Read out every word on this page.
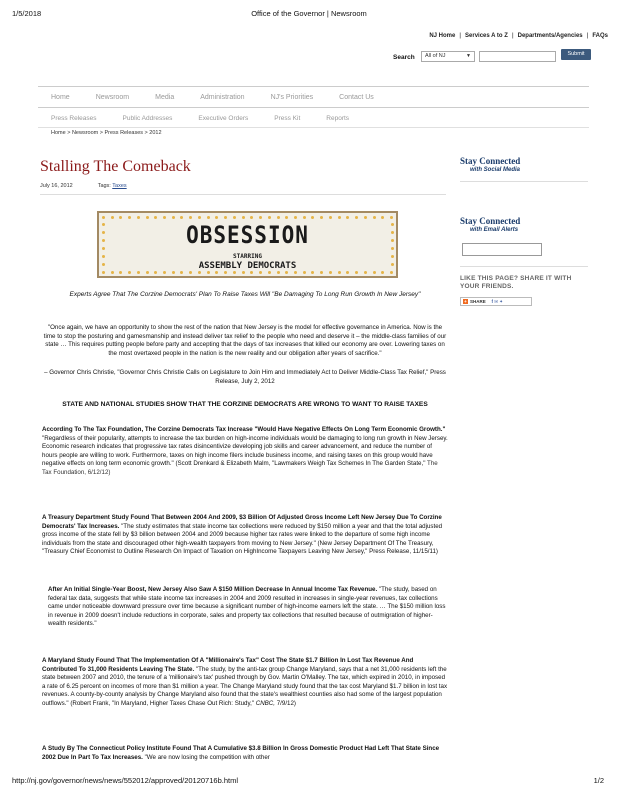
1/5/2018	Office of the Governor | Newsroom
NJ Home | Services A to Z | Departments/Agencies | FAQs
Search	All of NJ	▼	Submit
Home	Newsroom	Media	Administration	NJ's Priorities	Contact Us
Press Releases	Public Addresses	Executive Orders	Press Kit	Reports
Home > Newsroom > Press Releases > 2012
Stalling The Comeback
July 16, 2012	Tags: Taxes
OBSESSION
STARRING
ASSEMBLY DEMOCRATS
Experts Agree That The Corzine Democrats' Plan To Raise Taxes Will "Be Damaging To Long Run Growth In New Jersey"
"Once again, we have an opportunity to show the rest of the nation that New Jersey is the model for effective governance in America. Now is the time to stop the posturing and gamesmanship and instead deliver tax relief to the people who need and deserve it – the middle-class families of our state … This requires putting people before party and accepting that the days of tax increases that killed our economy are over. Lowering taxes on the most overtaxed people in the nation is the new reality and our obligation after years of sacrifice."
– Governor Chris Christie, "Governor Chris Christie Calls on Legislature to Join Him and Immediately Act to Deliver Middle-Class Tax Relief," Press Release, July 2, 2012
STATE AND NATIONAL STUDIES SHOW THAT THE CORZINE DEMOCRATS ARE WRONG TO WANT TO RAISE TAXES
According To The Tax Foundation, The Corzine Democrats Tax Increase "Would Have Negative Effects On Long Term Economic Growth." "Regardless of their popularity, attempts to increase the tax burden on high-income individuals would be damaging to long run growth in New Jersey. Economic research indicates that progressive tax rates disincentivize developing job skills and career advancement, and reduce the number of hours people are willing to work. Furthermore, taxes on high income filers include business income, and raising taxes on this group would have negative effects on long term economic growth." (Scott Drenkard & Elizabeth Malm, "Lawmakers Weigh Tax Schemes In The Garden State," The Tax Foundation, 6/12/12)
A Treasury Department Study Found That Between 2004 And 2009, $3 Billion Of Adjusted Gross Income Left New Jersey Due To Corzine Democrats' Tax Increases. "The study estimates that state income tax collections were reduced by $150 million a year and that the total adjusted gross income of the state fell by $3 billion between 2004 and 2009 because higher tax rates were linked to the departure of some high income individuals from the state and discouraged other high-wealth taxpayers from moving to New Jersey." (New Jersey Department Of The Treasury, "Treasury Chief Economist to Outline Research On Impact of Taxation on HighIncome Taxpayers Leaving New Jersey," Press Release, 11/15/11)
After An Initial Single-Year Boost, New Jersey Also Saw A $150 Million Decrease In Annual Income Tax Revenue. "The study, based on federal tax data, suggests that while state income tax increases in 2004 and 2009 resulted in increases in single-year revenues, tax collections came under noticeable downward pressure over time because a significant number of high-income earners left the state. … The $150 million loss in revenue in 2009 doesn't include reductions in corporate, sales and property tax collections that resulted because of outmigration of higher-wealth residents."
A Maryland Study Found That The Implementation Of A "Millionaire's Tax" Cost The State $1.7 Billion In Lost Tax Revenue And Contributed To 31,000 Residents Leaving The State. "The study, by the anti-tax group Change Maryland, says that a net 31,000 residents left the state between 2007 and 2010, the tenure of a 'millionaire's tax' pushed through by Gov. Martin O'Malley. The tax, which expired in 2010, in imposed a rate of 6.25 percent on incomes of more than $1 million a year. The Change Maryland study found that the tax cost Maryland $1.7 billion in lost tax revenues. A county-by-county analysis by Change Maryland also found that the state's wealthiest counties also had some of the largest population outflows." (Robert Frank, "In Maryland, Higher Taxes Chase Out Rich: Study," CNBC, 7/9/12)
A Study By The Connecticut Policy Institute Found That A Cumulative $3.8 Billion In Gross Domestic Product Had Left That State Since 2002 Due In Part To Tax Increases. "We are now losing the competition with other
Stay Connected
with Social Media
Stay Connected
with Email Alerts
LIKE THIS PAGE? SHARE IT WITH YOUR FRIENDS.
+ SHARE f ✉ ✦
http://nj.gov/governor/news/news/552012/approved/20120716b.html	1/2
